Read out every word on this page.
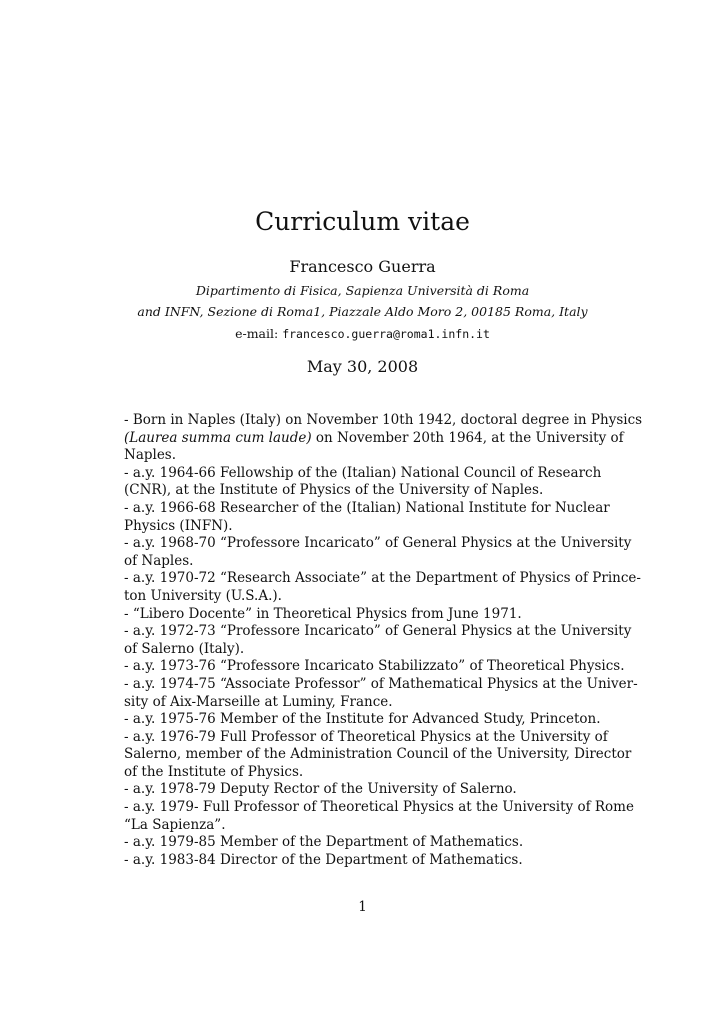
Curriculum vitae
Francesco Guerra
Dipartimento di Fisica, Sapienza Università di Roma
and INFN, Sezione di Roma1, Piazzale Aldo Moro 2, 00185 Roma, Italy
e-mail: francesco.guerra@roma1.infn.it
May 30, 2008
- Born in Naples (Italy) on November 10th 1942, doctoral degree in Physics
(Laurea summa cum laude) on November 20th 1964, at the University of
Naples.
- a.y. 1964-66 Fellowship of the (Italian) National Council of Research
(CNR), at the Institute of Physics of the University of Naples.
- a.y. 1966-68 Researcher of the (Italian) National Institute for Nuclear
Physics (INFN).
- a.y. 1968-70 “Professore Incaricato” of General Physics at the University
of Naples.
- a.y. 1970-72 “Research Associate” at the Department of Physics of Prince-
ton University (U.S.A.).
- “Libero Docente” in Theoretical Physics from June 1971.
- a.y. 1972-73 “Professore Incaricato” of General Physics at the University
of Salerno (Italy).
- a.y. 1973-76 “Professore Incaricato Stabilizzato” of Theoretical Physics.
- a.y. 1974-75 “Associate Professor” of Mathematical Physics at the Univer-
sity of Aix-Marseille at Luminy, France.
- a.y. 1975-76 Member of the Institute for Advanced Study, Princeton.
- a.y. 1976-79 Full Professor of Theoretical Physics at the University of
Salerno, member of the Administration Council of the University, Director
of the Institute of Physics.
- a.y. 1978-79 Deputy Rector of the University of Salerno.
- a.y. 1979- Full Professor of Theoretical Physics at the University of Rome
“La Sapienza”.
- a.y. 1979-85 Member of the Department of Mathematics.
- a.y. 1983-84 Director of the Department of Mathematics.
1
